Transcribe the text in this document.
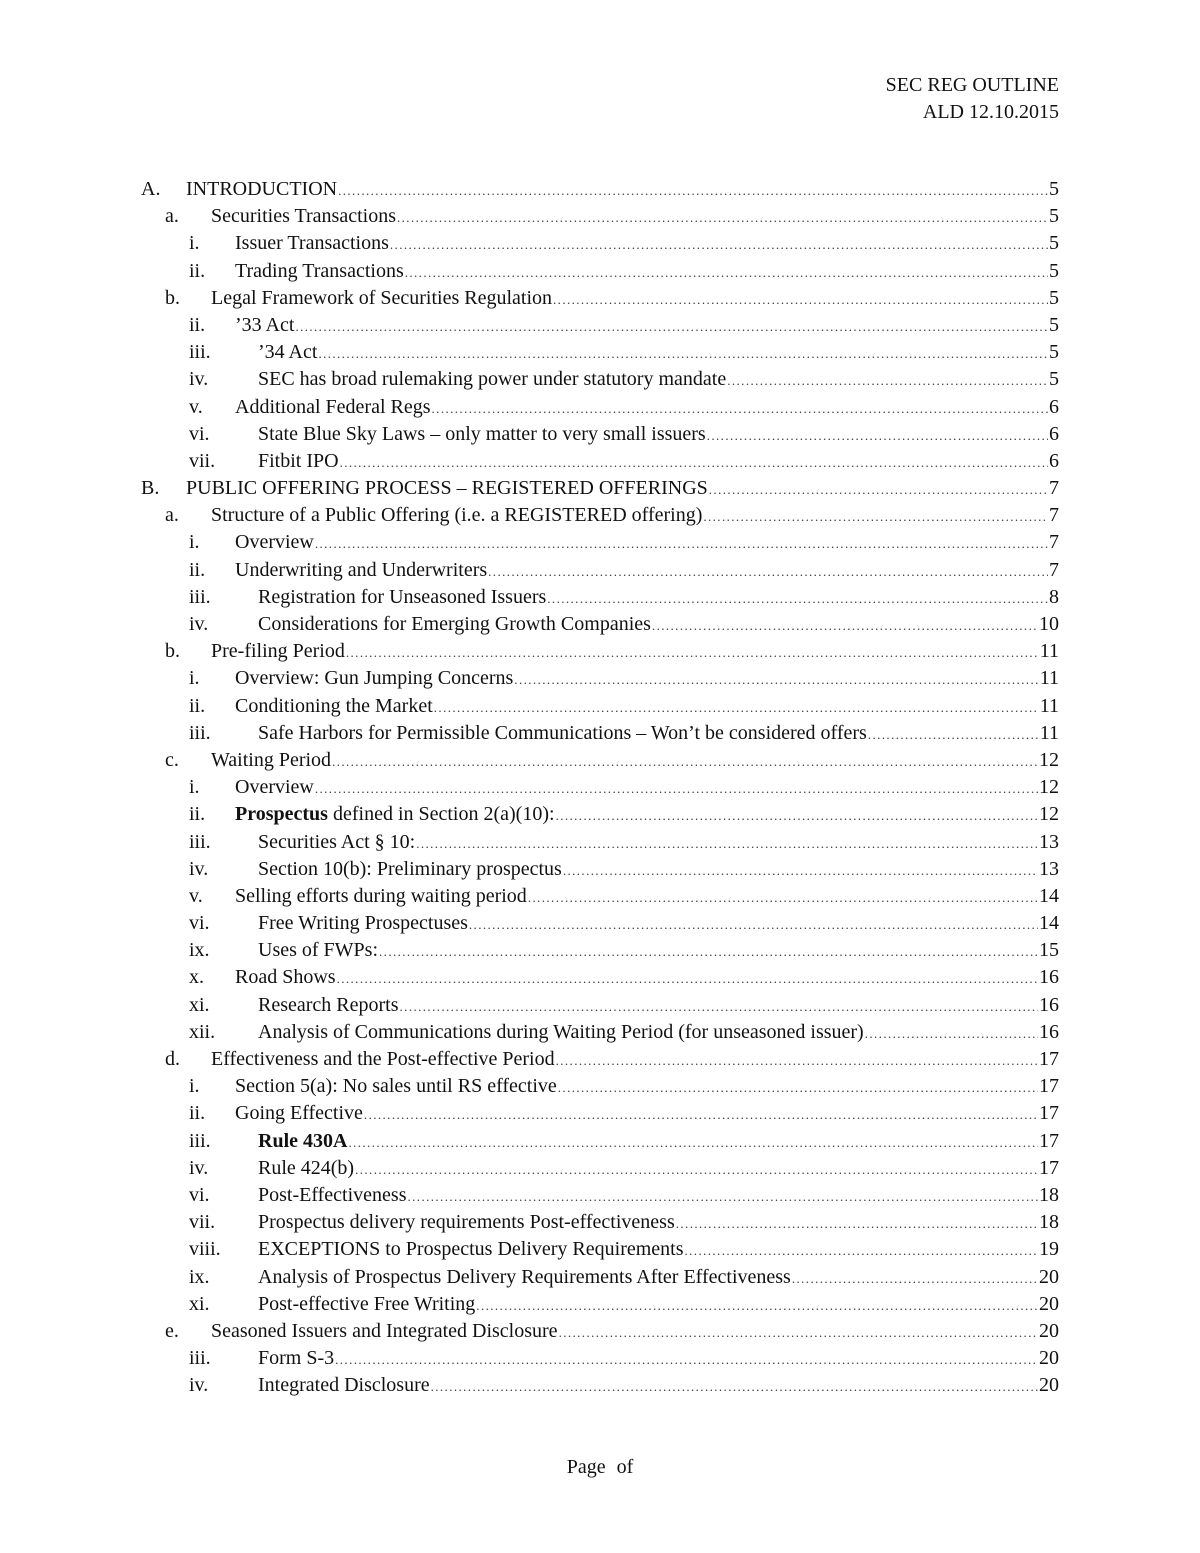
SEC REG OUTLINE
ALD 12.10.2015
A. INTRODUCTION .....	5
a. Securities Transactions .....	5
i. Issuer Transactions .....	5
ii. Trading Transactions .....	5
b. Legal Framework of Securities Regulation .....	5
ii. ’33 Act .....	5
iii. ’34 Act .....	5
iv. SEC has broad rulemaking power under statutory mandate .....	5
v. Additional Federal Regs .....	6
vi. State Blue Sky Laws – only matter to very small issuers .....	6
vii. Fitbit IPO .....	6
B. PUBLIC OFFERING PROCESS – REGISTERED OFFERINGS .....	7
a. Structure of a Public Offering (i.e. a REGISTERED offering) .....	7
i. Overview .....	7
ii. Underwriting and Underwriters .....	7
iii. Registration for Unseasoned Issuers .....	8
iv. Considerations for Emerging Growth Companies .....	10
b. Pre-filing Period .....	11
i. Overview: Gun Jumping Concerns .....	11
ii. Conditioning the Market .....	11
iii. Safe Harbors for Permissible Communications – Won’t be considered offers .....	11
c. Waiting Period .....	12
i. Overview .....	12
ii. Prospectus defined in Section 2(a)(10): .....	12
iii. Securities Act § 10: .....	13
iv. Section 10(b): Preliminary prospectus .....	13
v. Selling efforts during waiting period .....	14
vi. Free Writing Prospectuses .....	14
ix. Uses of FWPs: .....	15
x. Road Shows .....	16
xi. Research Reports .....	16
xii. Analysis of Communications during Waiting Period (for unseasoned issuer) .....	16
d. Effectiveness and the Post-effective Period .....	17
i. Section 5(a): No sales until RS effective .....	17
ii. Going Effective .....	17
iii. Rule 430A .....	17
iv. Rule 424(b) .....	17
vi. Post-Effectiveness .....	18
vii. Prospectus delivery requirements Post-effectiveness .....	18
viii. EXCEPTIONS to Prospectus Delivery Requirements .....	19
ix. Analysis of Prospectus Delivery Requirements After Effectiveness .....	20
xi. Post-effective Free Writing .....	20
e. Seasoned Issuers and Integrated Disclosure .....	20
iii. Form S-3 .....	20
iv. Integrated Disclosure .....	20
Page of
